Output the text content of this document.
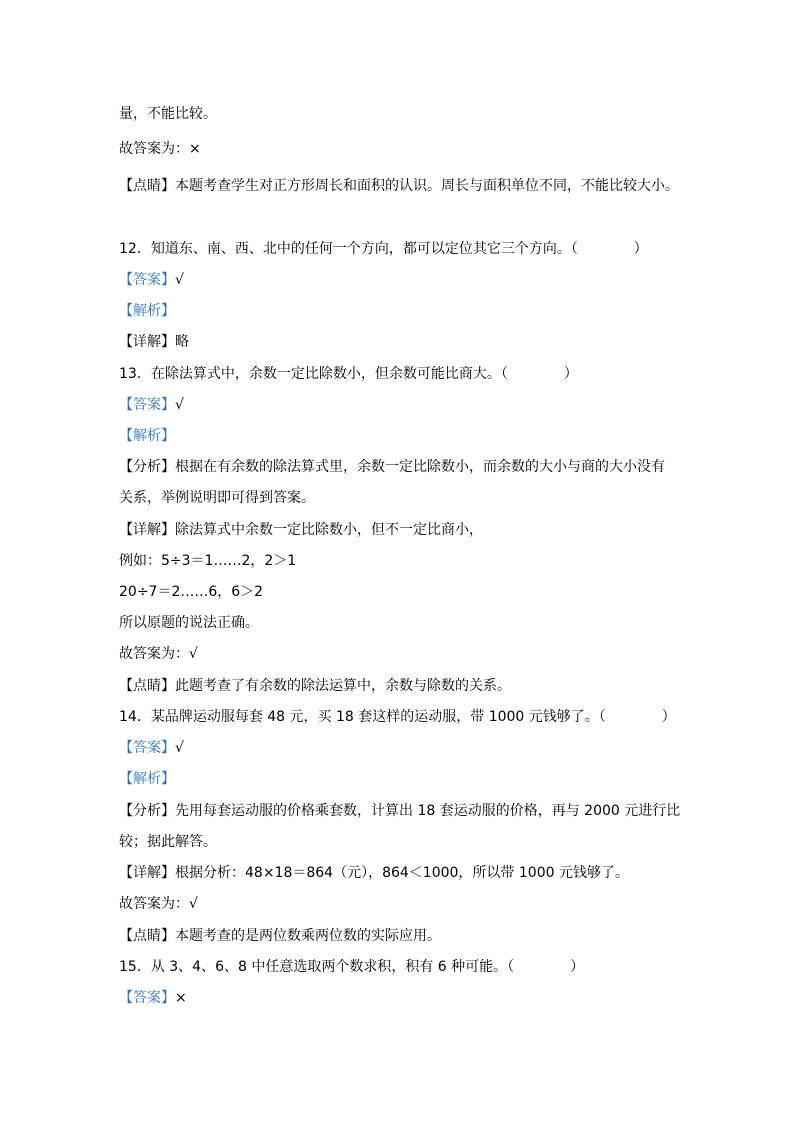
量，不能比较。
故答案为：×
【点睛】本题考查学生对正方形周长和面积的认识。周长与面积单位不同，不能比较大小。
12．知道东、南、西、北中的任何一个方向，都可以定位其它三个方向。（　　　　）
【答案】√
【解析】
【详解】略
13．在除法算式中，余数一定比除数小，但余数可能比商大。（　　　　）
【答案】√
【解析】
【分析】根据在有余数的除法算式里，余数一定比除数小，而余数的大小与商的大小没有
关系，举例说明即可得到答案。
【详解】除法算式中余数一定比除数小，但不一定比商小，
例如：5÷3＝1……2，2＞1
20÷7＝2……6，6＞2
所以原题的说法正确。
故答案为：√
【点睛】此题考查了有余数的除法运算中，余数与除数的关系。
14．某品牌运动服每套 48 元，买 18 套这样的运动服，带 1000 元钱够了。（　　　　）
【答案】√
【解析】
【分析】先用每套运动服的价格乘套数，计算出 18 套运动服的价格，再与 2000 元进行比
较；据此解答。
【详解】根据分析：48×18＝864（元），864＜1000，所以带 1000 元钱够了。
故答案为：√
【点睛】本题考查的是两位数乘两位数的实际应用。
15．从 3、4、6、8 中任意选取两个数求积，积有 6 种可能。（　　　　）
【答案】×
